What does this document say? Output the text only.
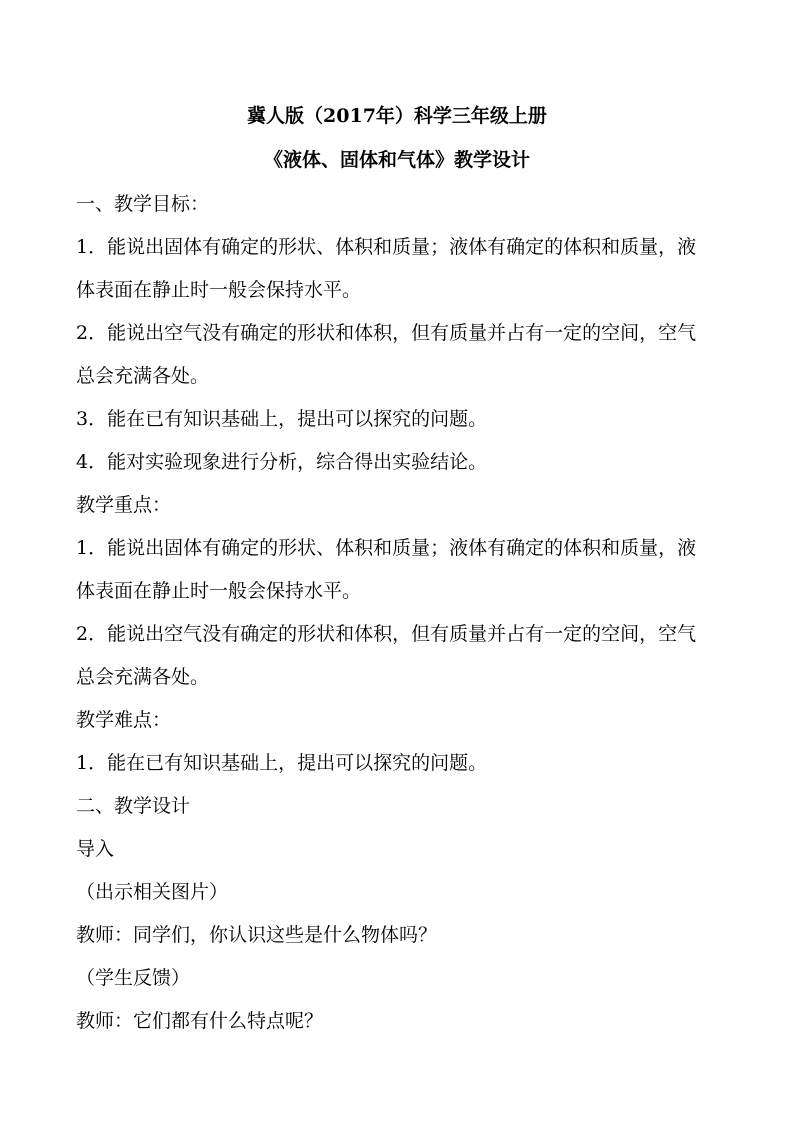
冀人版（2017年）科学三年级上册
《液体、固体和气体》教学设计
一、教学目标：
1．能说出固体有确定的形状、体积和质量；液体有确定的体积和质量，液
体表面在静止时一般会保持水平。
2．能说出空气没有确定的形状和体积，但有质量并占有一定的空间，空气
总会充满各处。
3．能在已有知识基础上，提出可以探究的问题。
4．能对实验现象进行分析，综合得出实验结论。
教学重点：
1．能说出固体有确定的形状、体积和质量；液体有确定的体积和质量，液
体表面在静止时一般会保持水平。
2．能说出空气没有确定的形状和体积，但有质量并占有一定的空间，空气
总会充满各处。
教学难点：
1．能在已有知识基础上，提出可以探究的问题。
二、教学设计
导入
（出示相关图片）
教师：同学们，你认识这些是什么物体吗？
（学生反馈）
教师：它们都有什么特点呢？
